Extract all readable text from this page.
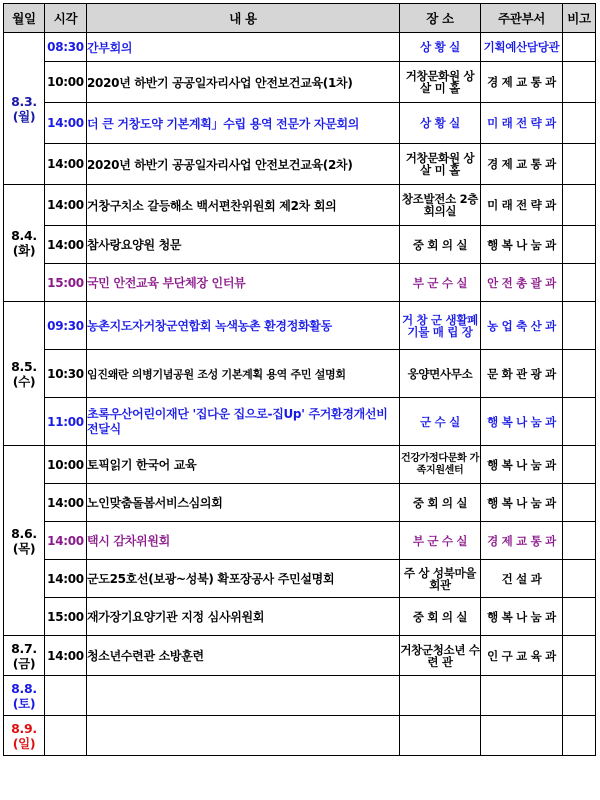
월일	시각	내 용	장 소	주관부서	비고

8.3.
(월)	08:30	간부회의	상 황 실	기획예산담당관	
	10:00	2020년 하반기 공공일자리사업 안전보건교육(1차)	거창문화원 상 살 미 홀	경 제 교 통 과	
	14:00	더 큰 거창도약 기본계획」수립 용역 전문가 자문회의	상 황 실	미 래 전 략 과	
	14:00	2020년 하반기 공공일자리사업 안전보건교육(2차)	거창문화원 상 살 미 홀	경 제 교 통 과	

8.4.
(화)	14:00	거창구치소 갈등해소 백서편찬위원회 제2차 회의	창조발전소 2층 회의실	미 래 전 략 과	
	14:00	참사랑요양원 청문	중 회 의 실	행 복 나 눔 과	
	15:00	국민 안전교육 부단체장 인터뷰	부 군 수 실	안 전 총 괄 과	

8.5.
(수)	09:30	농촌지도자거창군연합회 녹색농촌 환경정화활동	거 창 군 생활폐기물 매 립 장	농 업 축 산 과	
	10:30	임진왜란 의병기념공원 조성 기본계획 용역 주민 설명회	웅양면사무소	문 화 관 광 과	
	11:00	초록우산어린이재단 '집다운 집으로-집Up' 주거환경개선비 전달식	군 수 실	행 복 나 눔 과	

8.6.
(목)	10:00	토픽읽기 한국어 교육	건강가정다문화 가족지원센터	행 복 나 눔 과	
	14:00	노인맞춤돌봄서비스심의회	중 회 의 실	행 복 나 눔 과	
	14:00	택시 감차위원회	부 군 수 실	경 제 교 통 과	
	14:00	군도25호선(보광~성북) 확포장공사 주민설명회	주 상 성북마을회관	건 설 과	
	15:00	재가장기요양기관 지정 심사위원회	중 회 의 실	행 복 나 눔 과	

8.7.
(금)	14:00	청소년수련관 소방훈련	거창군청소년 수 련 관	인 구 교 육 과	

8.8.
(토)					

8.9.
(일)					
